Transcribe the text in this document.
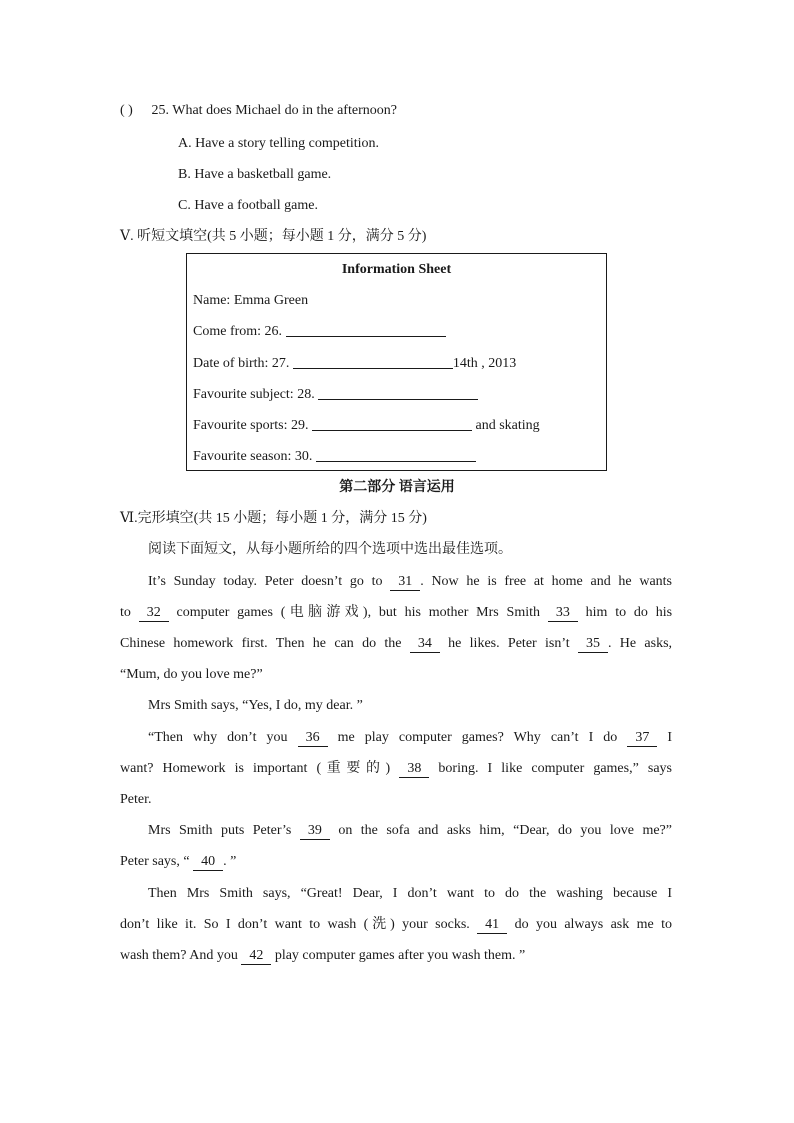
( ) 25. What does Michael do in the afternoon?
A. Have a story telling competition.
B. Have a basketball game.
C. Have a football game.
Ⅴ. 听短文填空(共 5 小题；每小题 1 分，满分 5 分)
Information Sheet
Name: Emma Green
Come from: 26.
Date of birth: 27.	14th , 2013
Favourite subject: 28.
Favourite sports: 29.	and skating
Favourite season: 30.
第二部分 语言运用
Ⅵ.完形填空(共 15 小题；每小题 1 分，满分 15 分)
阅读下面短文，从每小题所给的四个选项中选出最佳选项。
It’s Sunday today. Peter doesn’t go to 31 . Now he is free at home and he wants
to 32 computer games (电脑游戏), but his mother Mrs Smith 33 him to do his
Chinese homework first. Then he can do the 34 he likes. Peter isn’t 35 . He asks,
“Mum, do you love me?”
Mrs Smith says, “Yes, I do, my dear. ”
“Then why don’t you 36 me play computer games? Why can’t I do 37 I
want? Homework is important (重要的) 38 boring. I like computer games,” says
Peter.
Mrs Smith puts Peter’s 39 on the sofa and asks him, “Dear, do you love me?”
Peter says, “ 40 . ”
Then Mrs Smith says, “Great! Dear, I don’t want to do the washing because I
don’t like it. So I don’t want to wash (洗) your socks. 41 do you always ask me to
wash them? And you 42 play computer games after you wash them. ”
